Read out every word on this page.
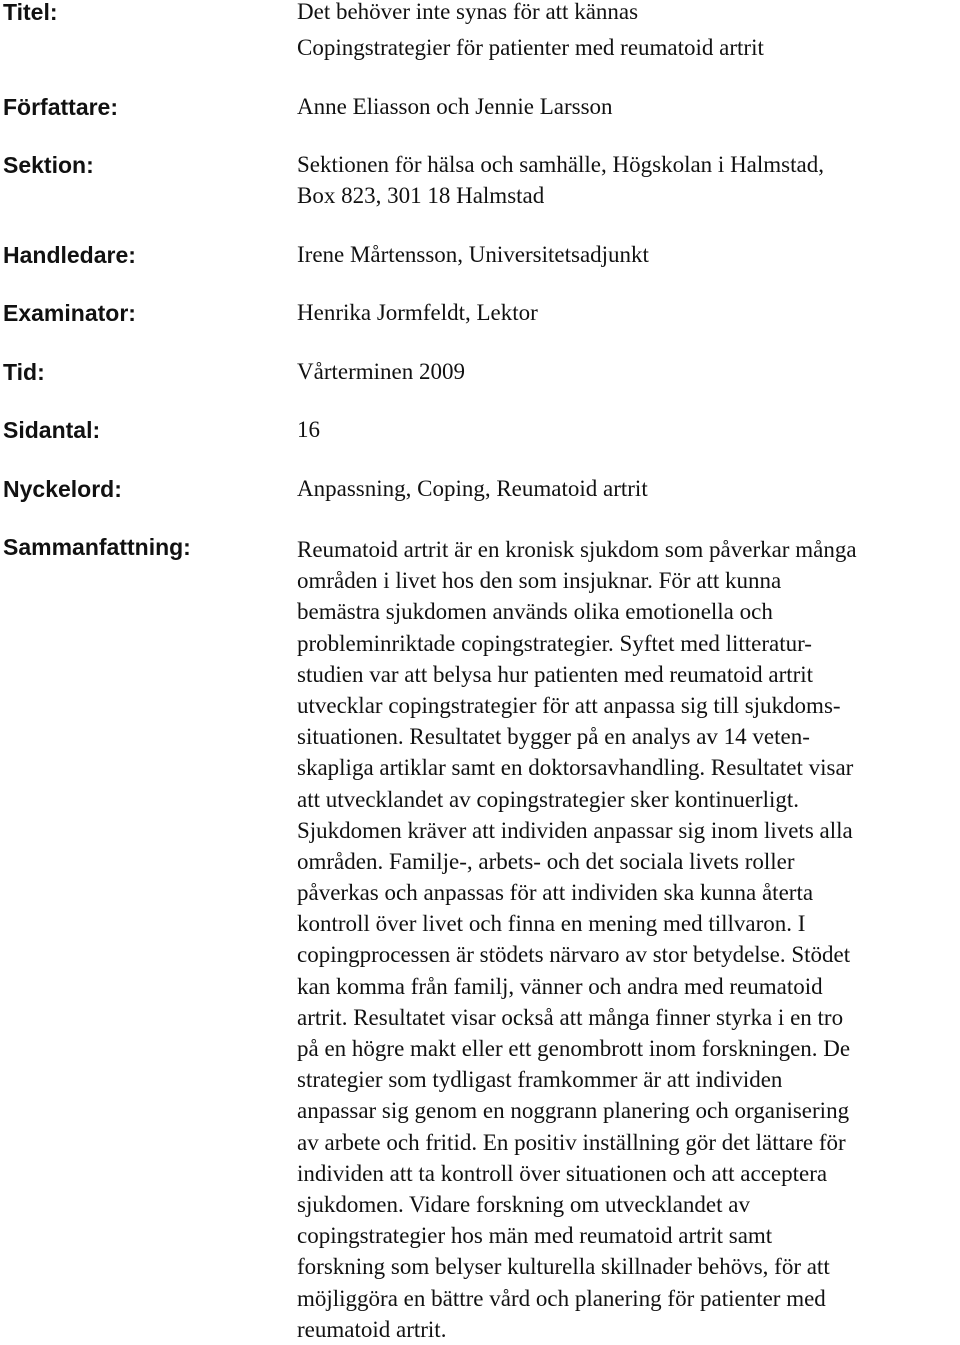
Titel:	Det behöver inte synas för att kännas

Copingstrategier för patienter med reumatoid artrit

Författare:	Anne Eliasson och Jennie Larsson

Sektion:	Sektionen för hälsa och samhälle, Högskolan i Halmstad,

Box 823, 301 18 Halmstad

Handledare:	Irene Mårtensson, Universitetsadjunkt

Examinator:	Henrika Jormfeldt, Lektor

Tid:	Vårterminen 2009

Sidantal:	16

Nyckelord:	Anpassning, Coping, Reumatoid artrit

Sammanfattning:	Reumatoid artrit är en kronisk sjukdom som påverkar många
områden i livet hos den som insjuknar. För att kunna
bemästra sjukdomen används olika emotionella och
probleminriktade copingstrategier. Syftet med litteratur-
studien var att belysa hur patienten med reumatoid artrit
utvecklar copingstrategier för att anpassa sig till sjukdoms-
situationen. Resultatet bygger på en analys av 14 veten-
skapliga artiklar samt en doktorsavhandling. Resultatet visar
att utvecklandet av copingstrategier sker kontinuerligt.
Sjukdomen kräver att individen anpassar sig inom livets alla
områden. Familje-, arbets- och det sociala livets roller
påverkas och anpassas för att individen ska kunna återta
kontroll över livet och finna en mening med tillvaron. I
copingprocessen är stödets närvaro av stor betydelse. Stödet
kan komma från familj, vänner och andra med reumatoid
artrit. Resultatet visar också att många finner styrka i en tro
på en högre makt eller ett genombrott inom forskningen. De
strategier som tydligast framkommer är att individen
anpassar sig genom en noggrann planering och organisering
av arbete och fritid. En positiv inställning gör det lättare för
individen att ta kontroll över situationen och att acceptera
sjukdomen. Vidare forskning om utvecklandet av
copingstrategier hos män med reumatoid artrit samt
forskning som belyser kulturella skillnader behövs, för att
möjliggöra en bättre vård och planering för patienter med
reumatoid artrit.
